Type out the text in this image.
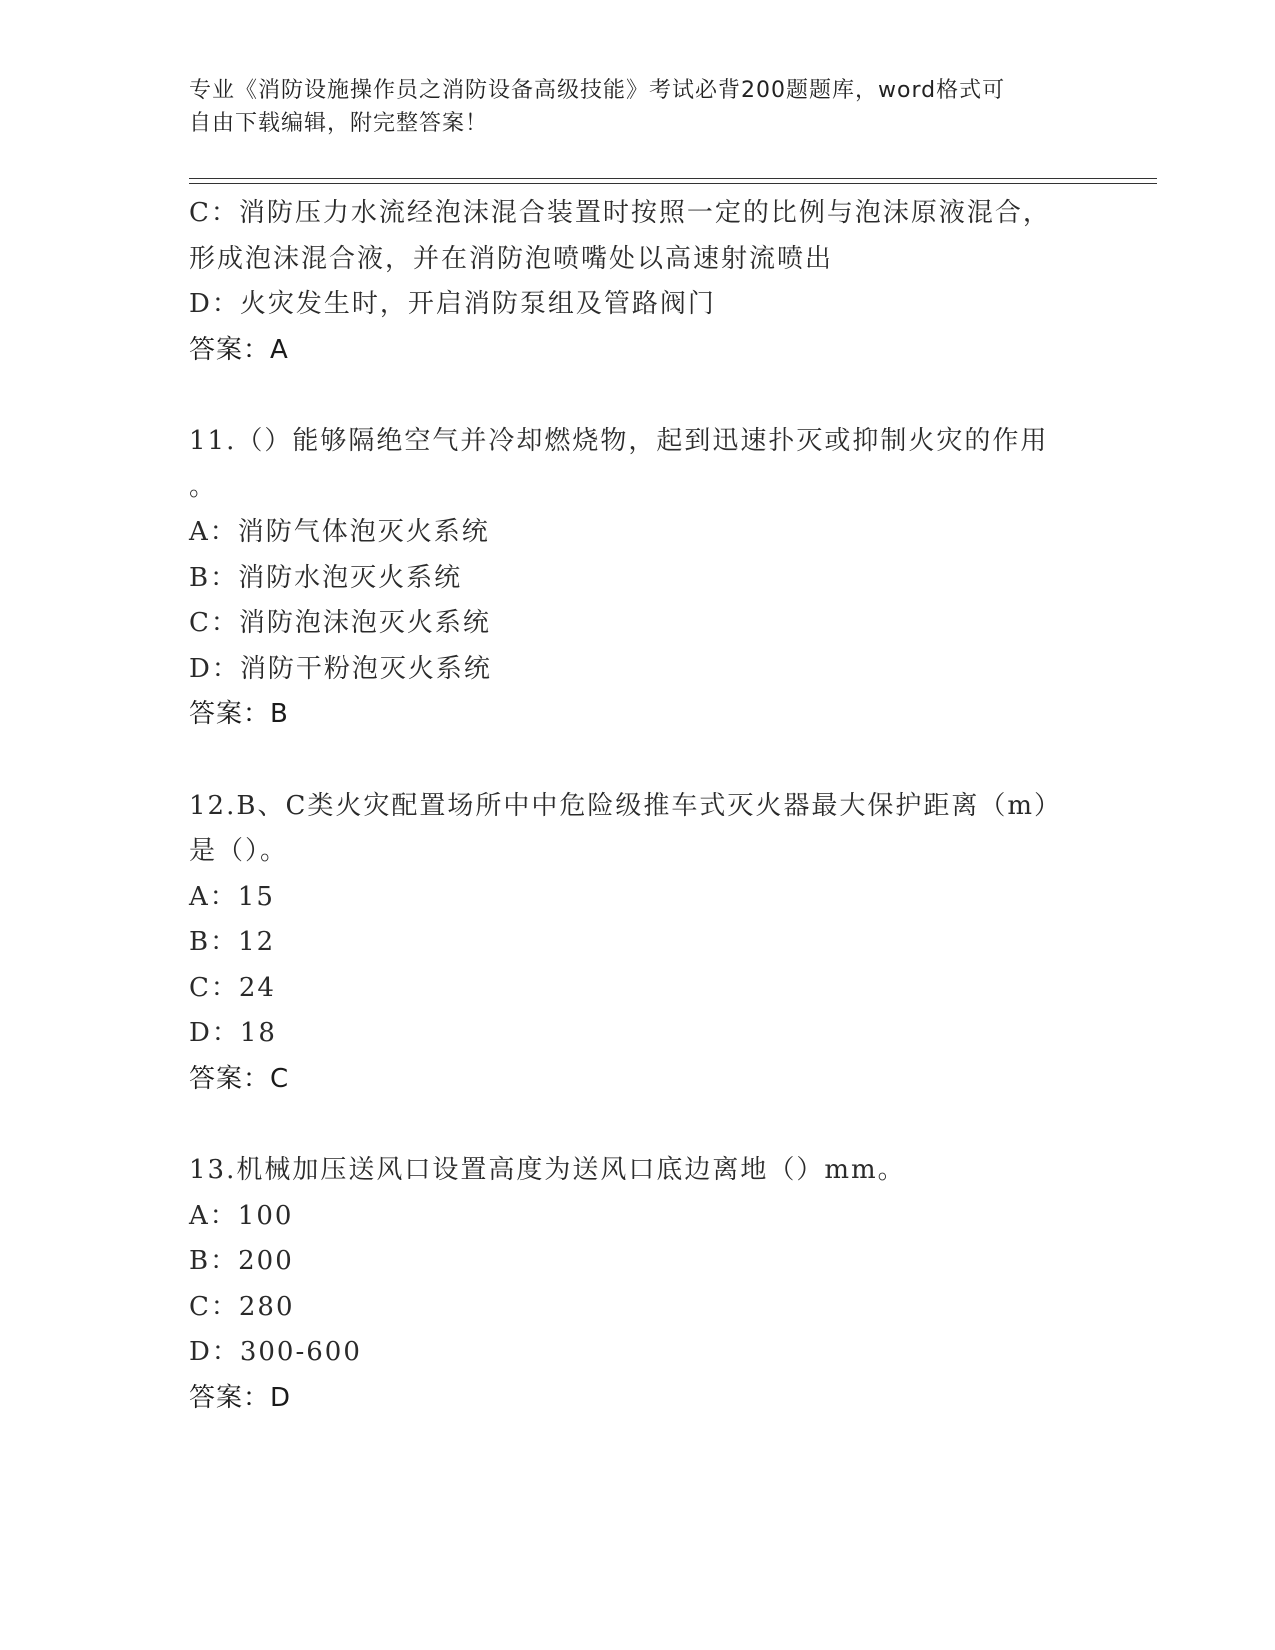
专业《消防设施操作员之消防设备高级技能》考试必背200题题库，word格式可
自由下载编辑，附完整答案！
C：消防压力水流经泡沫混合装置时按照一定的比例与泡沫原液混合，
形成泡沫混合液，并在消防泡喷嘴处以高速射流喷出
D：火灾发生时，开启消防泵组及管路阀门
答案：A
11.（）能够隔绝空气并冷却燃烧物，起到迅速扑灭或抑制火灾的作用
。
A：消防气体泡灭火系统
B：消防水泡灭火系统
C：消防泡沫泡灭火系统
D：消防干粉泡灭火系统
答案：B
12.B、C类火灾配置场所中中危险级推车式灭火器最大保护距离（m）
是（）。
A：15
B：12
C：24
D：18
答案：C
13.机械加压送风口设置高度为送风口底边离地（）mm。
A：100
B：200
C：280
D：300-600
答案：D
